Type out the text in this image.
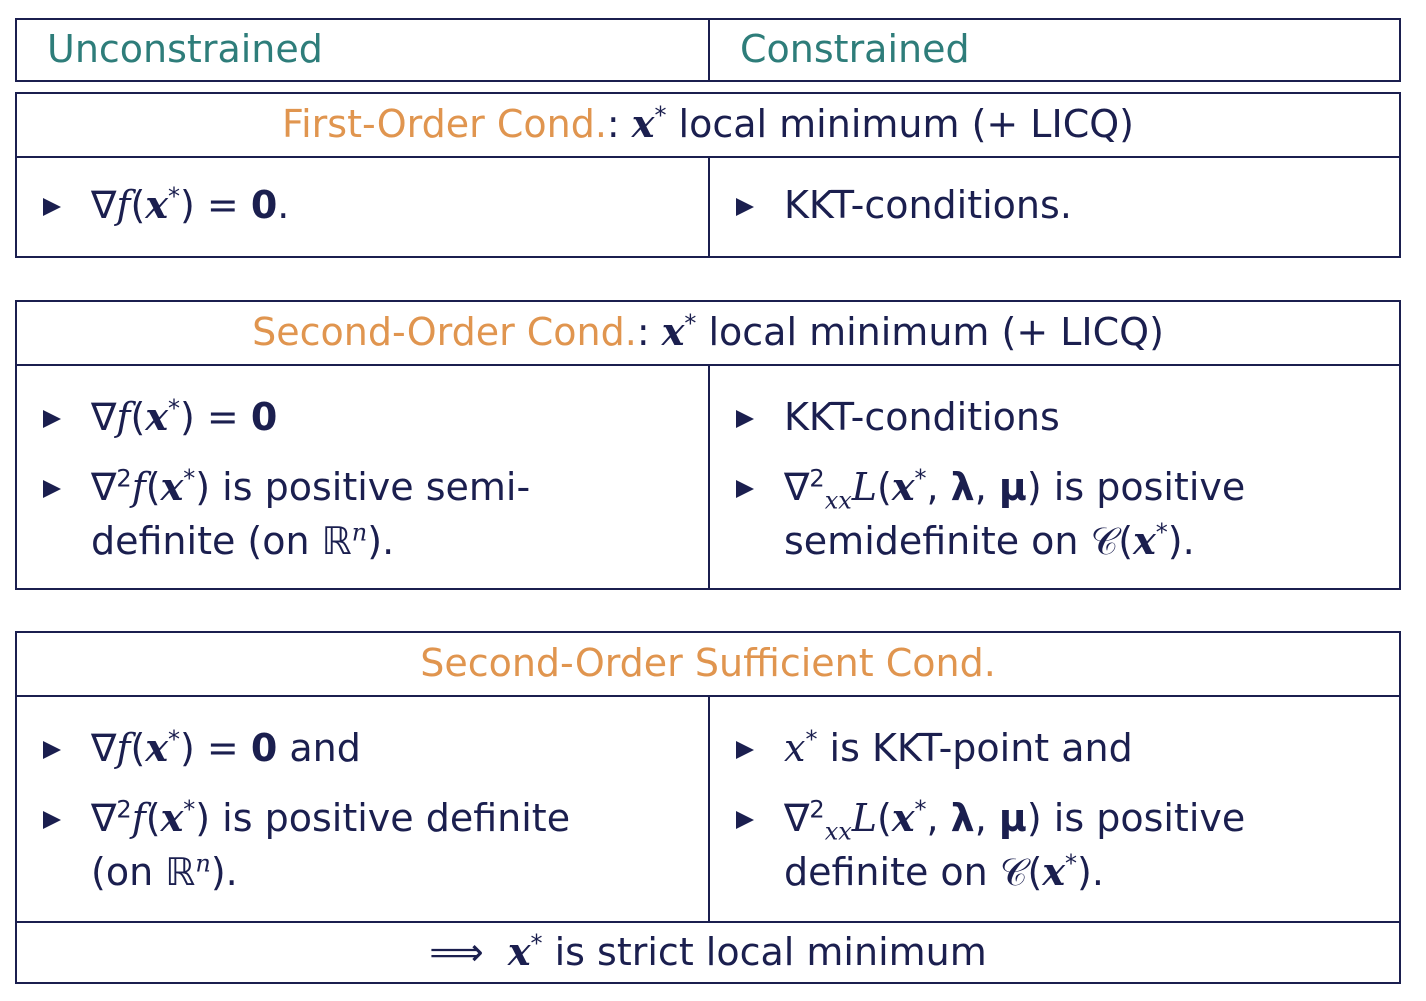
Unconstrained	Constrained
First-Order Cond.: x* local minimum (+ LICQ)
∇f(x*) = 0.	KKT-conditions.
Second-Order Cond.: x* local minimum (+ LICQ)
∇f(x*) = 0
∇$^2$f(x*) is positive semi-
definite (on ℝ$^n$).
KKT-conditions
∇$^2_{xx}$L(x*, λ, μ) is positive
semidefinite on 𝒞(x*).
Second-Order Sufficient Cond.
∇f(x*) = 0 and
∇$^2$f(x*) is positive definite
(on ℝ$^n$).
x* is KKT-point and
∇$^2_{xx}$L(x*, λ, μ) is positive
definite on 𝒞(x*).
⟹  x* is strict local minimum
